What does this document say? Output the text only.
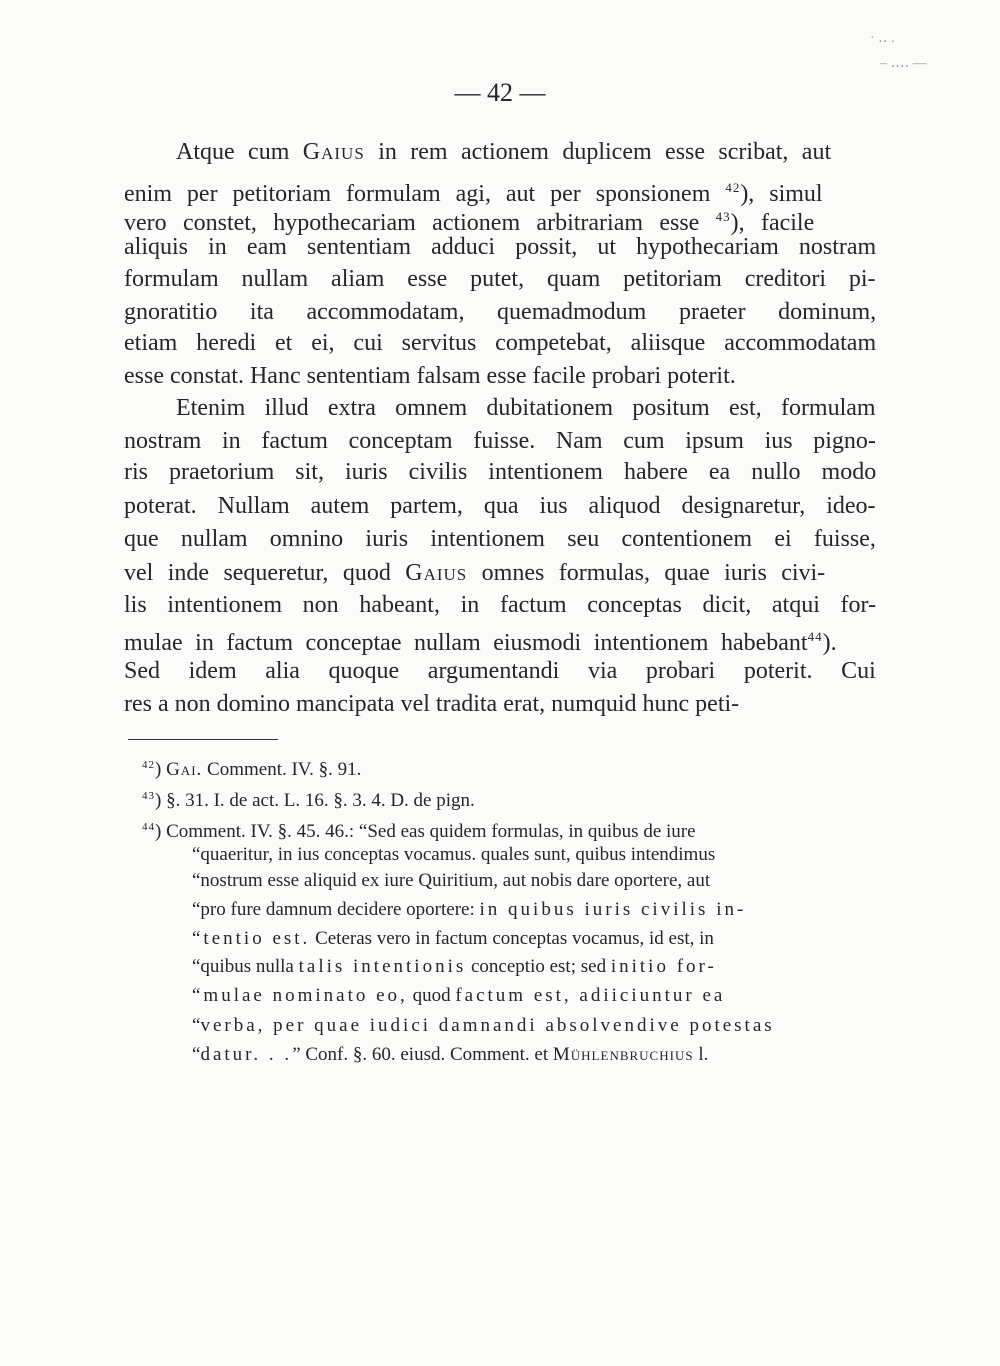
· ‥ .
‒ ‥‥ ‒‒
— 42 —
Atque cum Gaius in rem actionem duplicem esse scribat, aut
enim per petitoriam formulam agi, aut per sponsionem $^{42}$), simul
vero constet, hypothecariam actionem arbitrariam esse $^{43}$), facile
aliquis in eam sententiam adduci possit, ut hypothecariam nostram
formulam nullam aliam esse putet, quam petitoriam creditori pi-
gnoratitio ita accommodatam, quemadmodum praeter dominum,
etiam heredi et ei, cui servitus competebat, aliisque accommodatam
esse constat. Hanc sententiam falsam esse facile probari poterit.
Etenim illud extra omnem dubitationem positum est, formulam
nostram in factum conceptam fuisse. Nam cum ipsum ius pigno-
ris praetorium sit, iuris civilis intentionem habere ea nullo modo
poterat. Nullam autem partem, qua ius aliquod designaretur, ideo-
que nullam omnino iuris intentionem seu contentionem ei fuisse,
vel inde sequeretur, quod Gaius omnes formulas, quae iuris civi-
lis intentionem non habeant, in factum conceptas dicit, atqui for-
mulae in factum conceptae nullam eiusmodi intentionem habebant$^{44}$).
Sed idem alia quoque argumentandi via probari poterit. Cui
res a non domino mancipata vel tradita erat, numquid hunc peti-
$^{42}$) Gai. Comment. IV. §. 91.
$^{43}$) §. 31. I. de act. L. 16. §. 3. 4. D. de pign.
$^{44}$) Comment. IV. §. 45. 46.: “Sed eas quidem formulas, in quibus de iure
“quaeritur, in ius conceptas vocamus. quales sunt, quibus intendimus
“nostrum esse aliquid ex iure Quiritium, aut nobis dare oportere, aut
“pro fure damnum decidere oportere: in quibus iuris civilis in-
“tentio est. Ceteras vero in factum conceptas vocamus, id est, in
“quibus nulla talis intentionis conceptio est; sed initio for-
“mulae nominato eo, quod factum est, adiiciuntur ea
“verba, per quae iudici damnandi absolvendive potestas
“datur. . .” Conf. §. 60. eiusd. Comment. et Mühlenbruchius l.
